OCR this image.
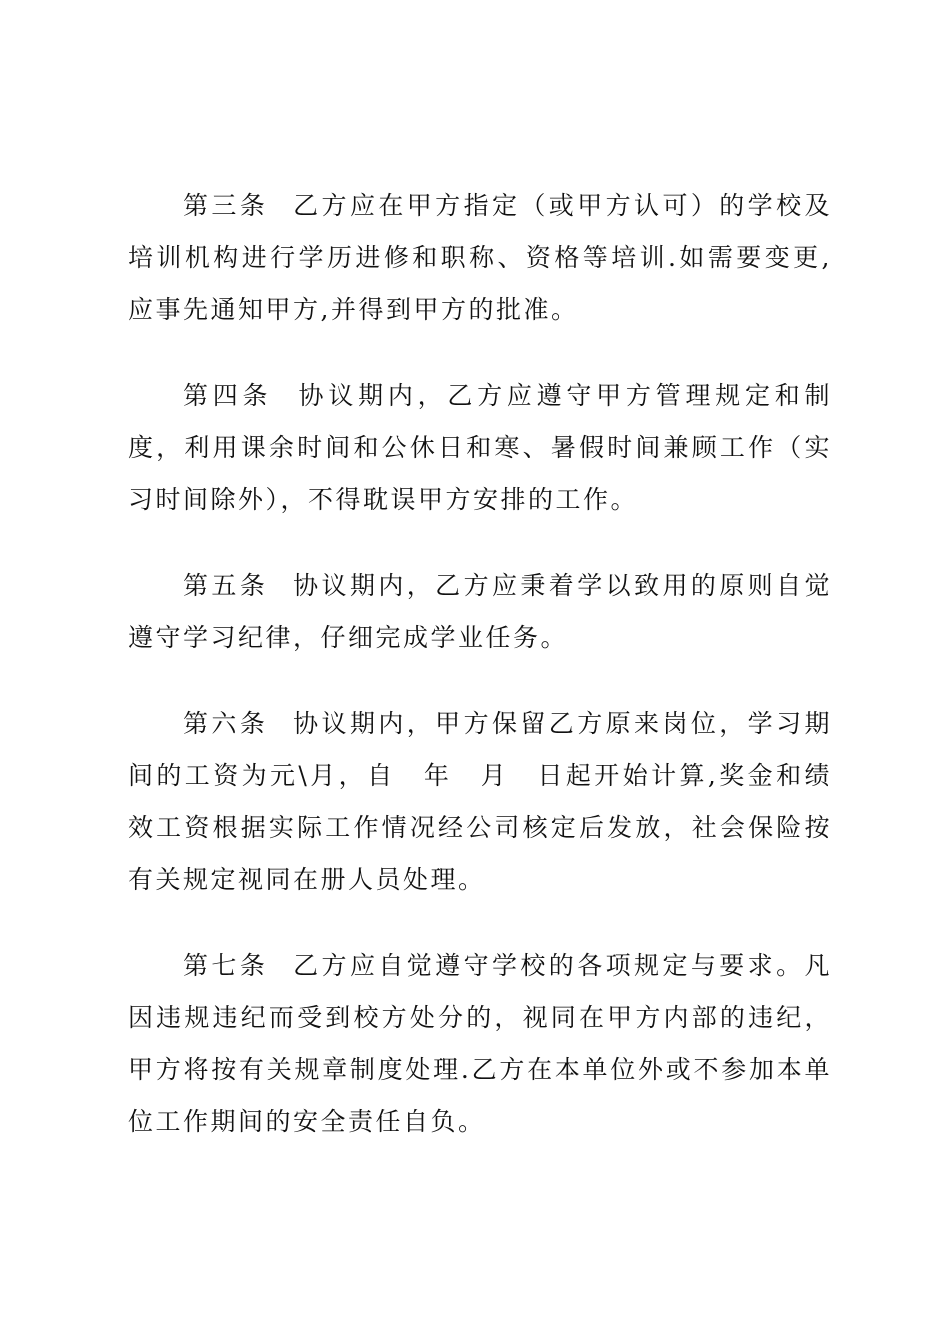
第三条 乙方应在甲方指定（或甲方认可）的学校及培训机构进行学历进修和职称、资格等培训.如需要变更,应事先通知甲方,并得到甲方的批准。

第四条 协议期内，乙方应遵守甲方管理规定和制度，利用课余时间和公休日和寒、暑假时间兼顾工作（实习时间除外），不得耽误甲方安排的工作。

第五条 协议期内，乙方应秉着学以致用的原则自觉遵守学习纪律，仔细完成学业任务。

第六条 协议期内，甲方保留乙方原来岗位，学习期间的工资为元\月，自　年　月　日起开始计算,奖金和绩效工资根据实际工作情况经公司核定后发放，社会保险按有关规定视同在册人员处理。

第七条 乙方应自觉遵守学校的各项规定与要求。凡因违规违纪而受到校方处分的，视同在甲方内部的违纪，甲方将按有关规章制度处理.乙方在本单位外或不参加本单位工作期间的安全责任自负。
